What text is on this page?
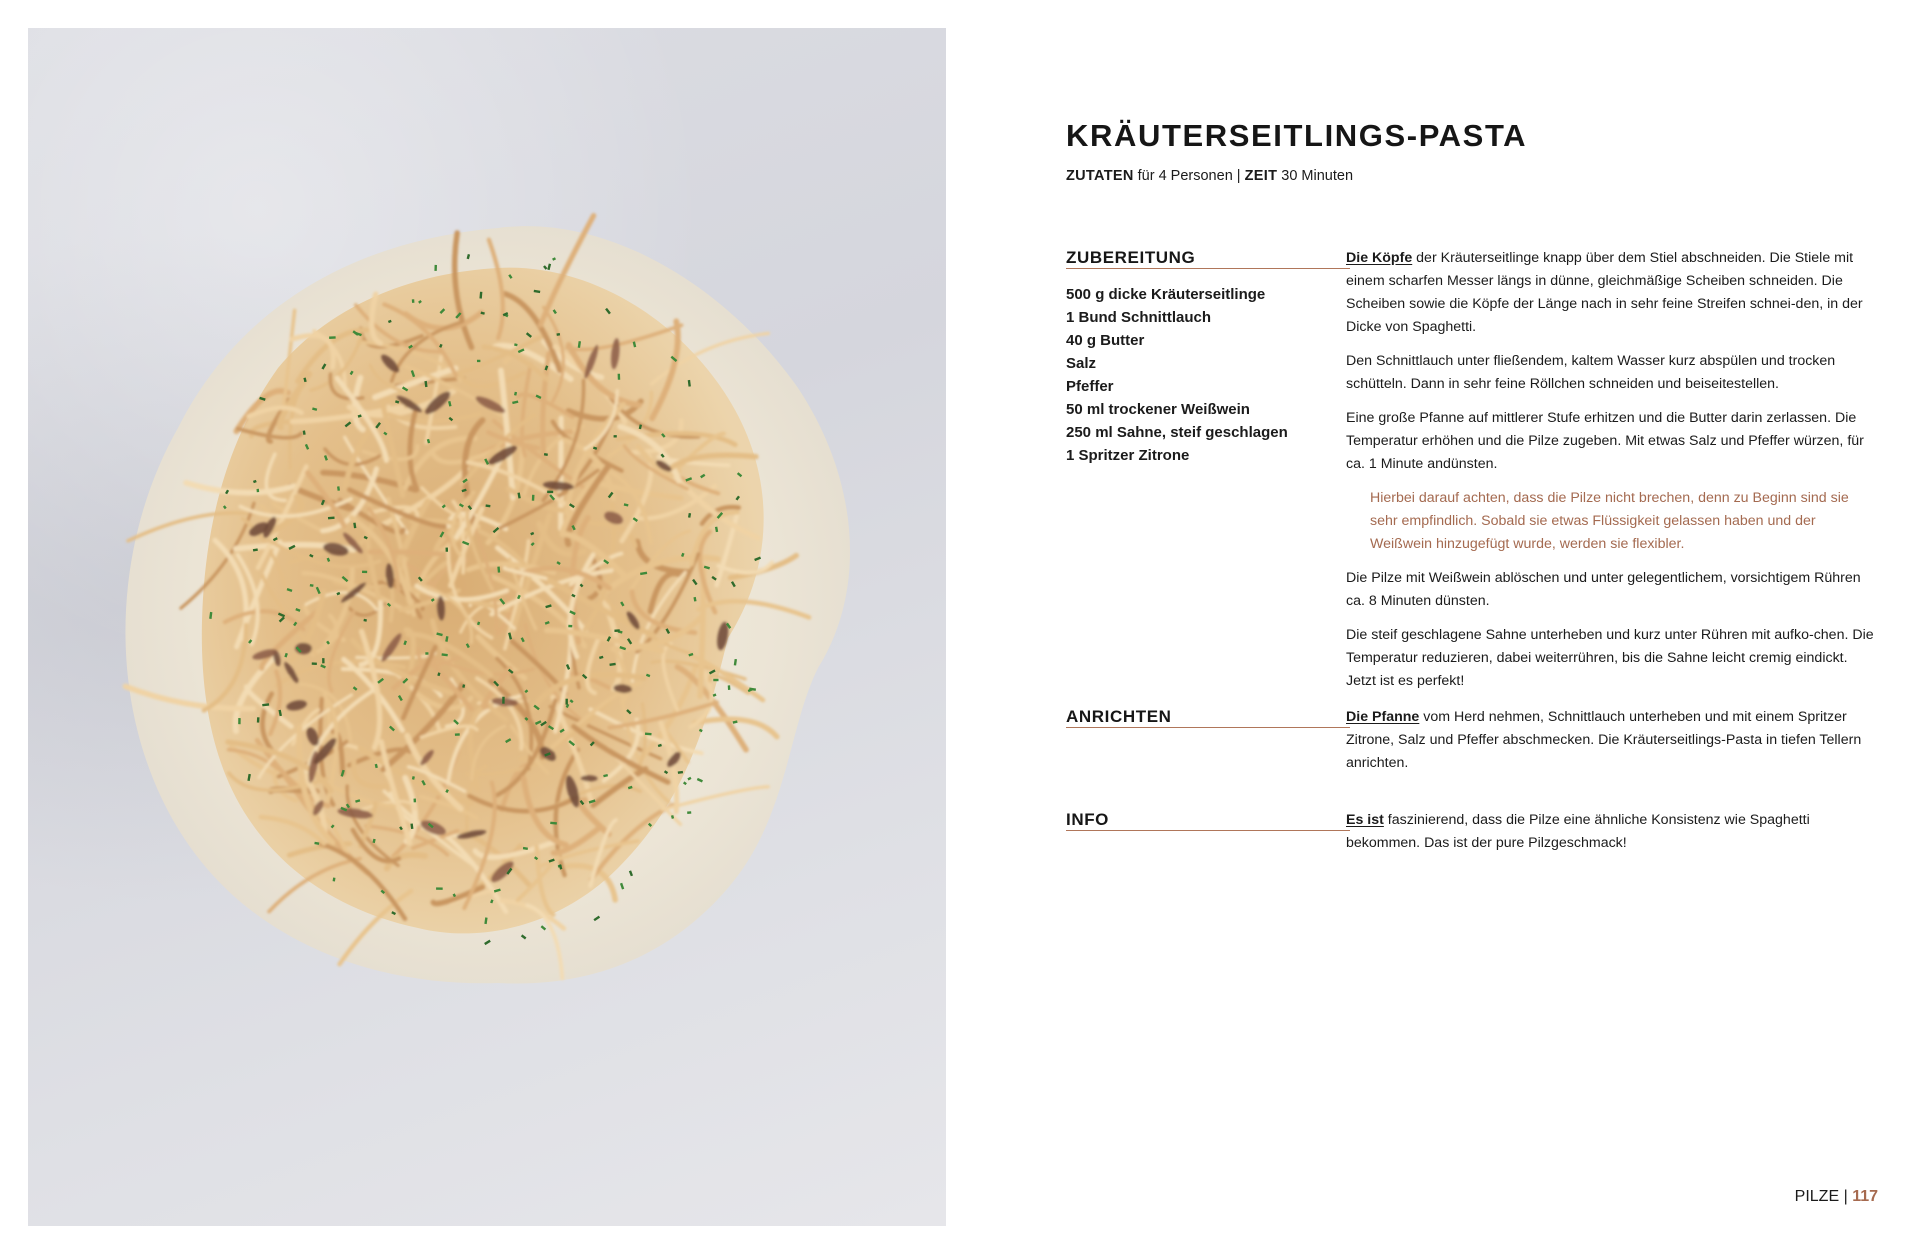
KRÄUTERSEITLINGS-PASTA
ZUTATEN für 4 Personen | ZEIT 30 Minuten
ZUBEREITUNG
500 g dicke Kräuterseitlinge
1 Bund Schnittlauch
40 g Butter
Salz
Pfeffer
50 ml trockener Weißwein
250 ml Sahne, steif geschlagen
1 Spritzer Zitrone

Die Köpfe der Kräuterseitlinge knapp über dem Stiel abschneiden. Die Stiele mit einem scharfen Messer längs in dünne, gleichmäßige Scheiben schneiden. Die Scheiben sowie die Köpfe der Länge nach in sehr feine Streifen schnei-den, in der Dicke von Spaghetti.

Den Schnittlauch unter fließendem, kaltem Wasser kurz abspülen und trocken schütteln. Dann in sehr feine Röllchen schneiden und beiseitestellen.

Eine große Pfanne auf mittlerer Stufe erhitzen und die Butter darin zerlassen. Die Temperatur erhöhen und die Pilze zugeben. Mit etwas Salz und Pfeffer würzen, für ca. 1 Minute andünsten.

Hierbei darauf achten, dass die Pilze nicht brechen, denn zu Beginn sind sie sehr empfindlich. Sobald sie etwas Flüssigkeit gelassen haben und der Weißwein hinzugefügt wurde, werden sie flexibler.

Die Pilze mit Weißwein ablöschen und unter gelegentlichem, vorsichtigem Rühren ca. 8 Minuten dünsten.

Die steif geschlagene Sahne unterheben und kurz unter Rühren mit aufko-chen. Die Temperatur reduzieren, dabei weiterrühren, bis die Sahne leicht cremig eindickt. Jetzt ist es perfekt!

ANRICHTEN	Die Pfanne vom Herd nehmen, Schnittlauch unterheben und mit einem Spritzer Zitrone, Salz und Pfeffer abschmecken. Die Kräuterseitlings-Pasta in tiefen Tellern anrichten.

INFO	Es ist faszinierend, dass die Pilze eine ähnliche Konsistenz wie Spaghetti bekommen. Das ist der pure Pilzgeschmack!

PILZE | 117
